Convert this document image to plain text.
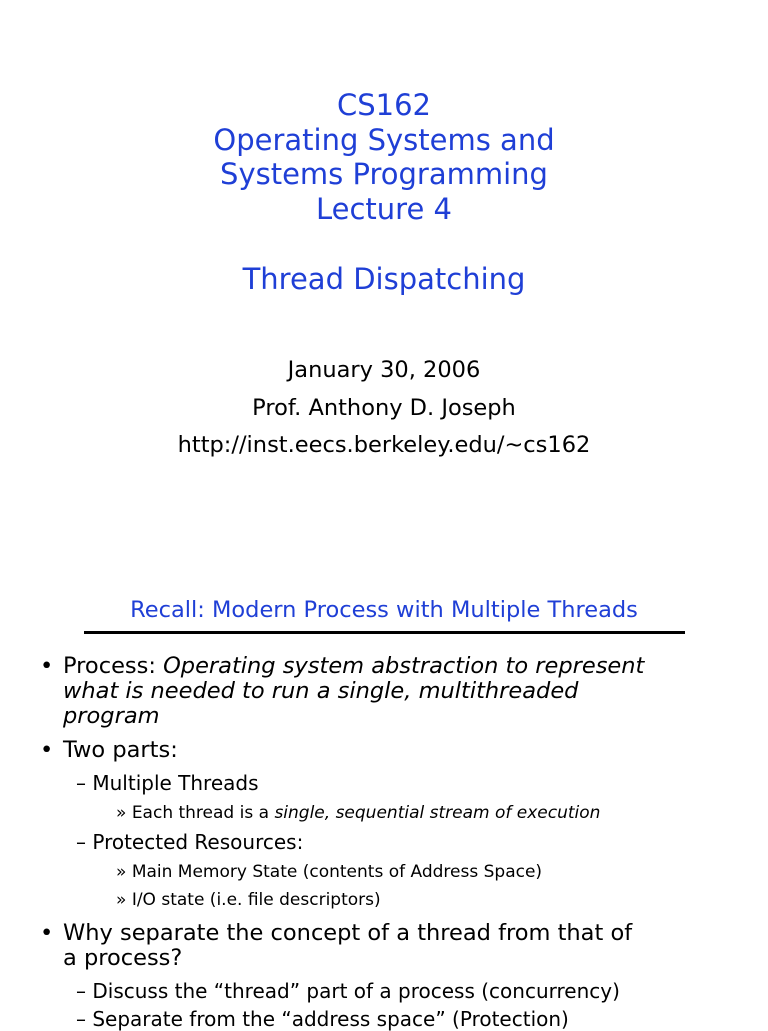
CS162
Operating Systems and
Systems Programming
Lecture 4
Thread Dispatching
January 30, 2006
Prof. Anthony D. Joseph
http://inst.eecs.berkeley.edu/~cs162
Recall: Modern Process with Multiple Threads
• Process: Operating system abstraction to represent
what is needed to run a single, multithreaded
program
• Two parts:
– Multiple Threads
» Each thread is a single, sequential stream of execution
– Protected Resources:
» Main Memory State (contents of Address Space)
» I/O state (i.e. file descriptors)
• Why separate the concept of a thread from that of
a process?
– Discuss the “thread” part of a process (concurrency)
– Separate from the “address space” (Protection)
